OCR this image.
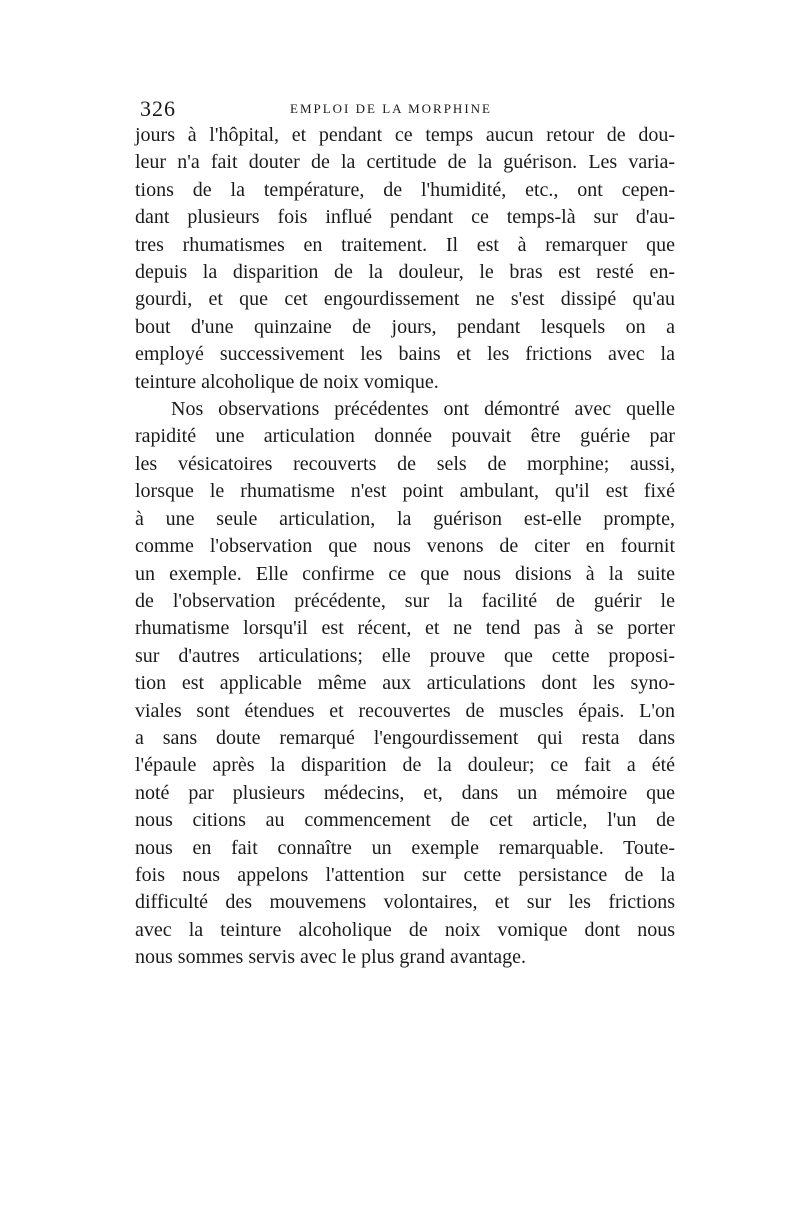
326	EMPLOI DE LA MORPHINE
jours à l'hôpital, et pendant ce temps aucun retour de dou-
leur n'a fait douter de la certitude de la guérison. Les varia-
tions de la température, de l'humidité, etc., ont cepen-
dant plusieurs fois influé pendant ce temps-là sur d'au-
tres rhumatismes en traitement. Il est à remarquer que
depuis la disparition de la douleur, le bras est resté en-
gourdi, et que cet engourdissement ne s'est dissipé qu'au
bout d'une quinzaine de jours, pendant lesquels on a
employé successivement les bains et les frictions avec la
teinture alcoholique de noix vomique.
Nos observations précédentes ont démontré avec quelle
rapidité une articulation donnée pouvait être guérie par
les vésicatoires recouverts de sels de morphine; aussi,
lorsque le rhumatisme n'est point ambulant, qu'il est fixé
à une seule articulation, la guérison est-elle prompte,
comme l'observation que nous venons de citer en fournit
un exemple. Elle confirme ce que nous disions à la suite
de l'observation précédente, sur la facilité de guérir le
rhumatisme lorsqu'il est récent, et ne tend pas à se porter
sur d'autres articulations; elle prouve que cette proposi-
tion est applicable même aux articulations dont les syno-
viales sont étendues et recouvertes de muscles épais. L'on
a sans doute remarqué l'engourdissement qui resta dans
l'épaule après la disparition de la douleur; ce fait a été
noté par plusieurs médecins, et, dans un mémoire que
nous citions au commencement de cet article, l'un de
nous en fait connaître un exemple remarquable. Toute-
fois nous appelons l'attention sur cette persistance de la
difficulté des mouvemens volontaires, et sur les frictions
avec la teinture alcoholique de noix vomique dont nous
nous sommes servis avec le plus grand avantage.
